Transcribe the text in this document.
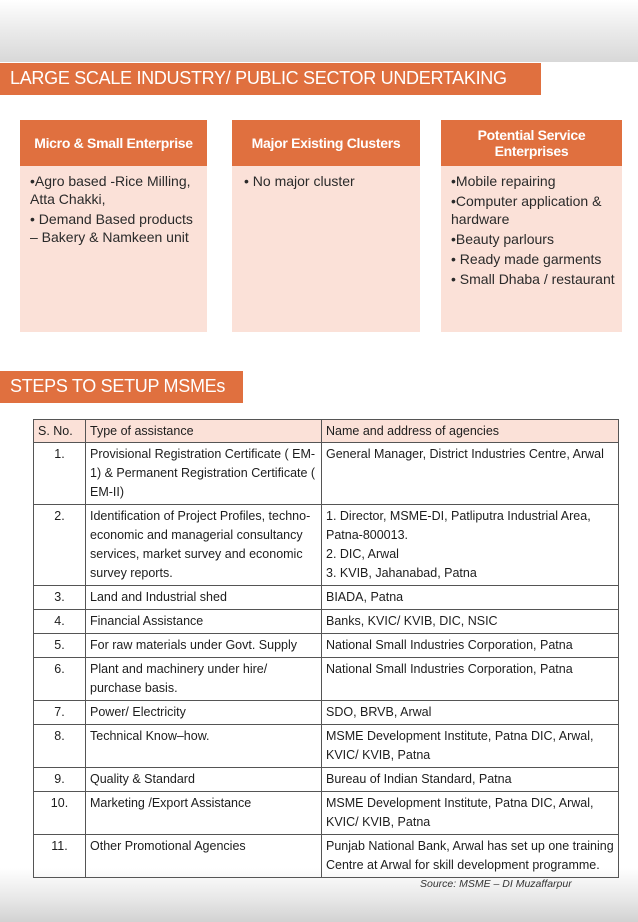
LARGE SCALE INDUSTRY/ PUBLIC SECTOR UNDERTAKING
Micro & Small Enterprise
•Agro based -Rice Milling, Atta Chakki,
• Demand Based products – Bakery & Namkeen unit
Major Existing Clusters
• No major cluster
Potential Service Enterprises
•Mobile repairing
•Computer application & hardware
•Beauty parlours
• Ready made garments
• Small Dhaba / restaurant
STEPS TO SETUP MSMEs
S. No.	Type of assistance	Name and address of agencies
1.	Provisional Registration Certificate ( EM-1) & Permanent Registration Certificate ( EM-II)	General Manager, District Industries Centre, Arwal
2.	Identification of Project Profiles, techno-economic and managerial consultancy services, market survey and economic survey reports.	1. Director, MSME-DI, Patliputra Industrial Area, Patna-800013.
2. DIC, Arwal
3. KVIB, Jahanabad, Patna
3.	Land and Industrial shed	BIADA, Patna
4.	Financial Assistance	Banks, KVIC/ KVIB, DIC, NSIC
5.	For raw materials under Govt. Supply	National Small Industries Corporation, Patna
6.	Plant and machinery under hire/ purchase basis.	National Small Industries Corporation, Patna
7.	Power/ Electricity	SDO, BRVB, Arwal
8.	Technical Know–how.	MSME Development Institute, Patna DIC, Arwal, KVIC/ KVIB, Patna
9.	Quality & Standard	Bureau of Indian Standard, Patna
10.	Marketing /Export Assistance	MSME Development Institute, Patna DIC, Arwal, KVIC/ KVIB, Patna
11.	Other Promotional Agencies	Punjab National Bank, Arwal has set up one training Centre at Arwal for skill development programme.
Source: MSME – DI Muzaffarpur
